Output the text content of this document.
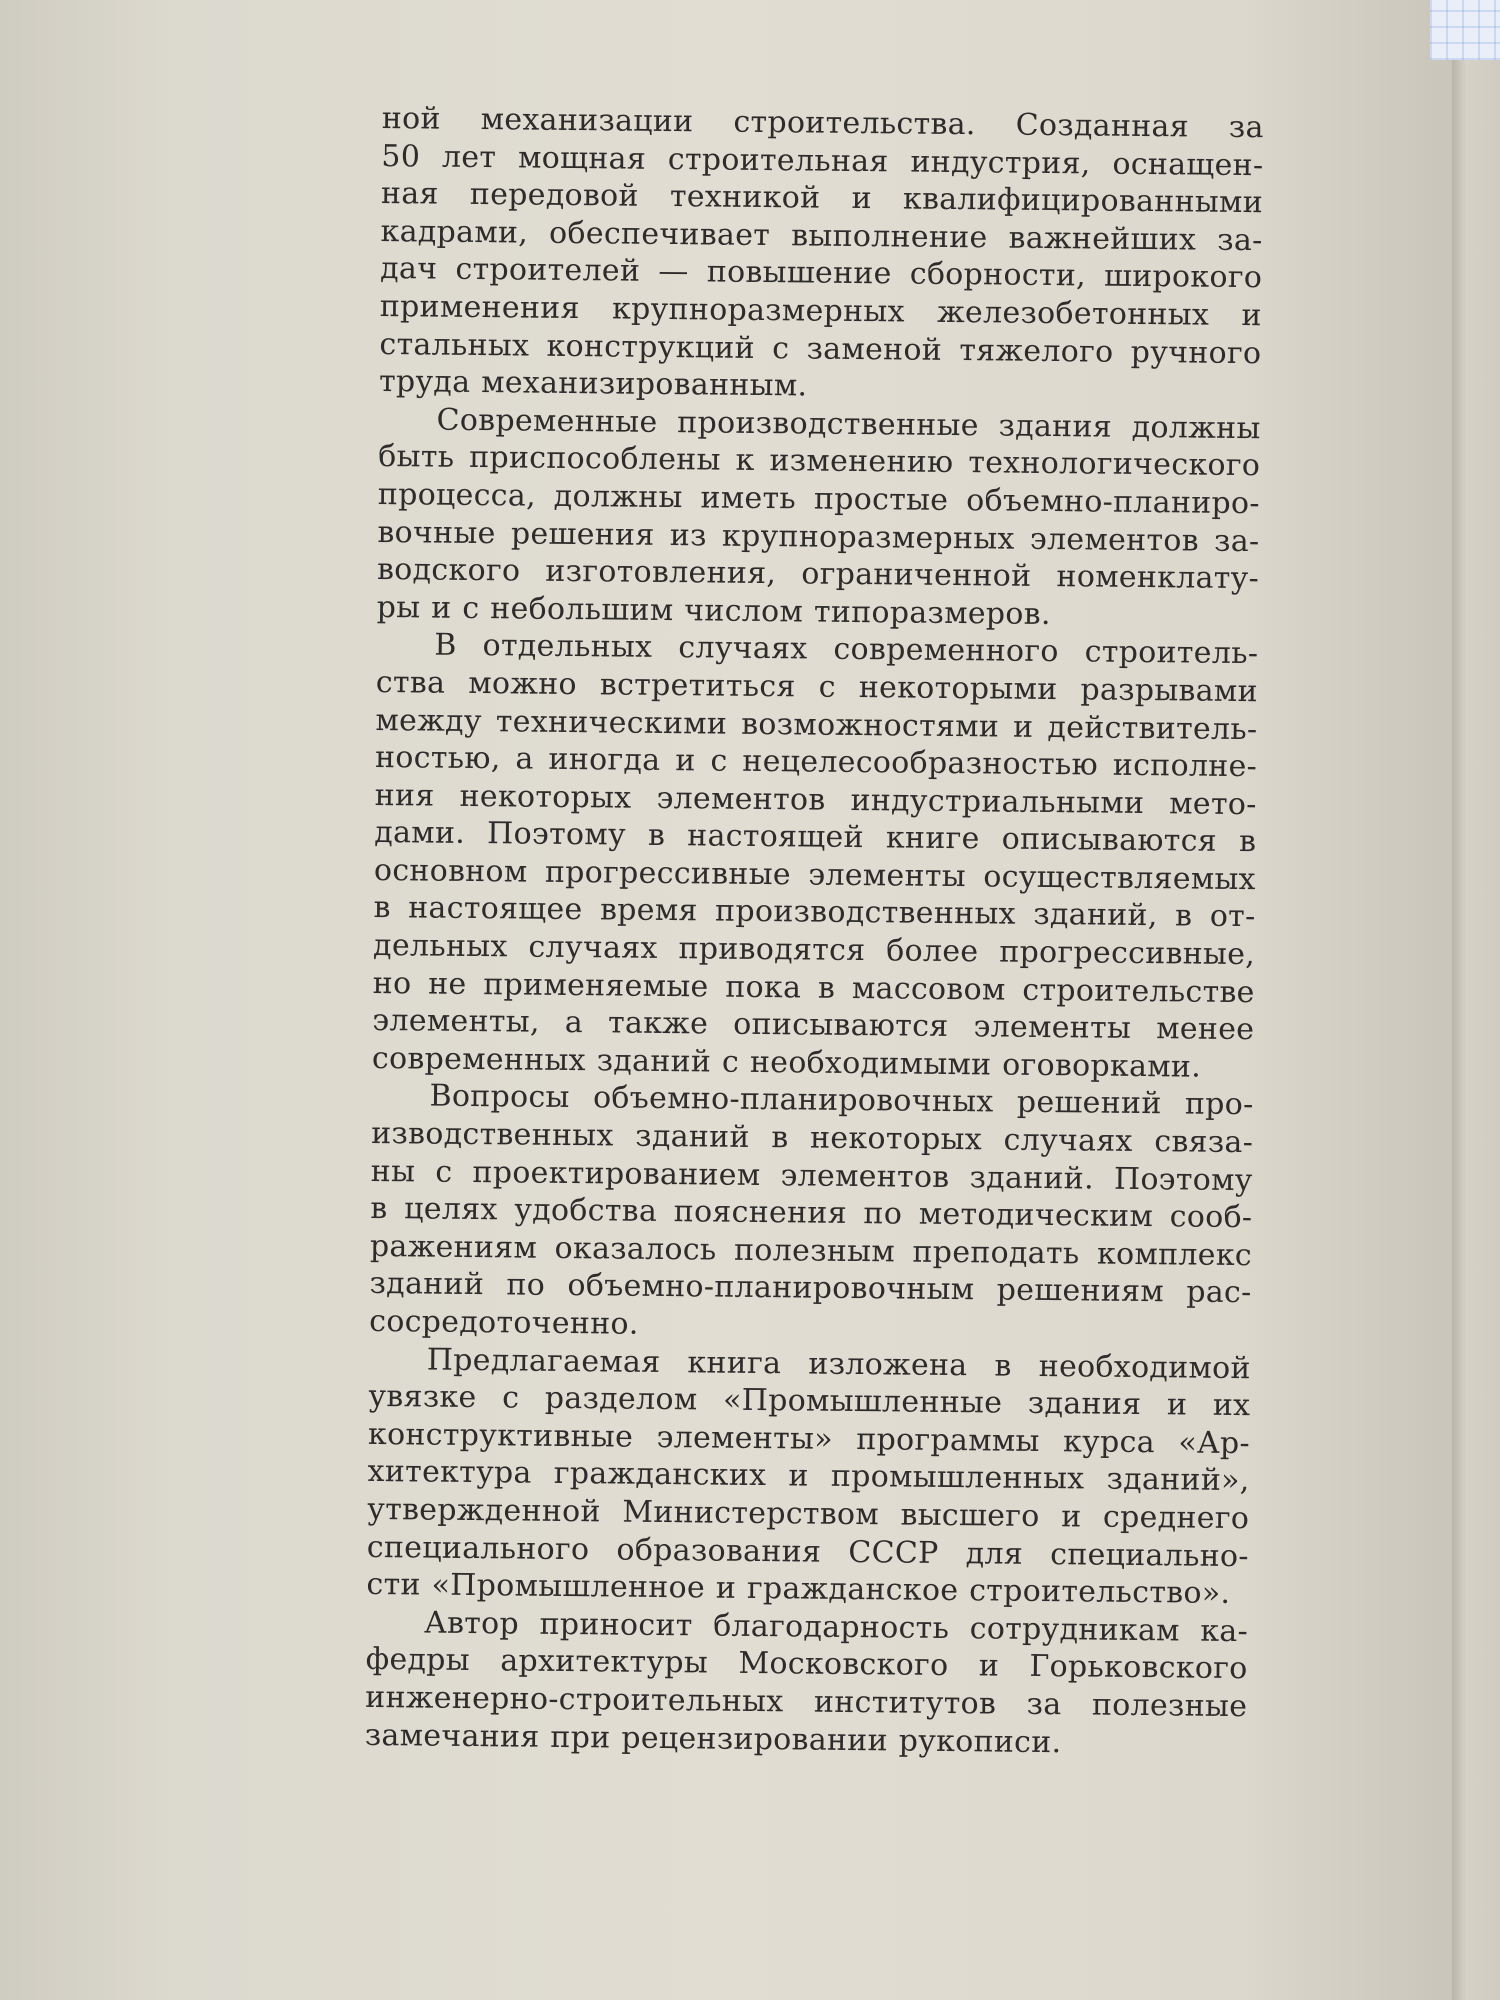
ной механизации строительства. Созданная за
50 лет мощная строительная индустрия, оснащен-
ная передовой техникой и квалифицированными
кадрами, обеспечивает выполнение важнейших за-
дач строителей — повышение сборности, широкого
применения крупноразмерных железобетонных и
стальных конструкций с заменой тяжелого ручного
труда механизированным.
Современные производственные здания должны
быть приспособлены к изменению технологического
процесса, должны иметь простые объемно-планиро-
вочные решения из крупноразмерных элементов за-
водского изготовления, ограниченной номенклату-
ры и с небольшим числом типоразмеров.
В отдельных случаях современного строитель-
ства можно встретиться с некоторыми разрывами
между техническими возможностями и действитель-
ностью, а иногда и с нецелесообразностью исполне-
ния некоторых элементов индустриальными мето-
дами. Поэтому в настоящей книге описываются в
основном прогрессивные элементы осуществляемых
в настоящее время производственных зданий, в от-
дельных случаях приводятся более прогрессивные,
но не применяемые пока в массовом строительстве
элементы, а также описываются элементы менее
современных зданий с необходимыми оговорками.
Вопросы объемно-планировочных решений про-
изводственных зданий в некоторых случаях связа-
ны с проектированием элементов зданий. Поэтому
в целях удобства пояснения по методическим сооб-
ражениям оказалось полезным преподать комплекс
зданий по объемно-планировочным решениям рас-
сосредоточенно.
Предлагаемая книга изложена в необходимой
увязке с разделом «Промышленные здания и их
конструктивные элементы» программы курса «Ар-
хитектура гражданских и промышленных зданий»,
утвержденной Министерством высшего и среднего
специального образования СССР для специально-
сти «Промышленное и гражданское строительство».
Автор приносит благодарность сотрудникам ка-
федры архитектуры Московского и Горьковского
инженерно-строительных институтов за полезные
замечания при рецензировании рукописи.
